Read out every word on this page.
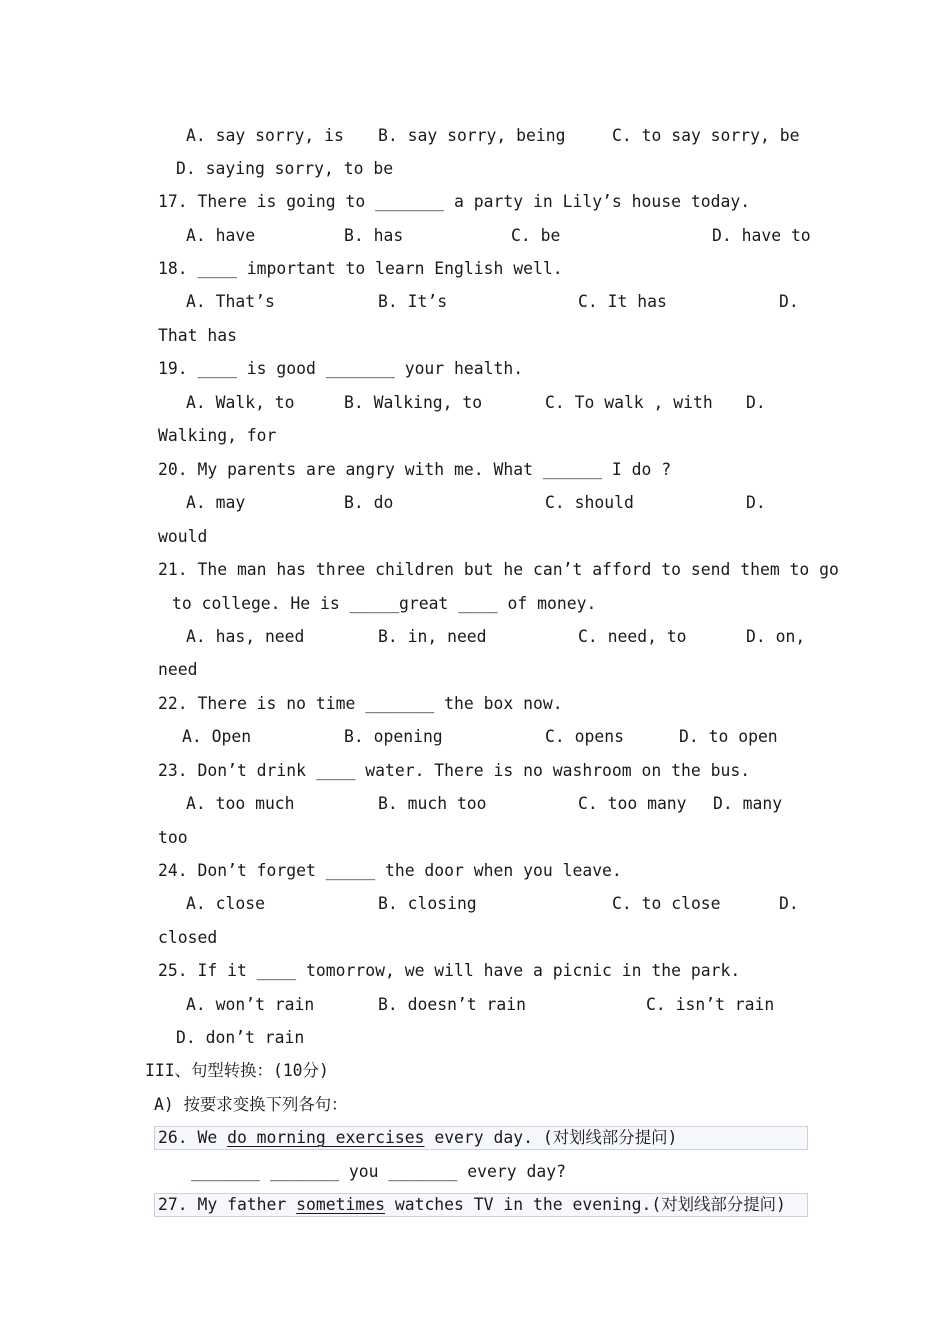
A. say sorry, is B. say sorry, being	C. to say sorry, be
D. saying sorry, to be
17. There is going to _______ a party in Lily’s house today.
A. have	B. has	C. be	D. have to
18. ____ important to learn English well.
A. That’s	B. It’s	C. It has	D.
That has
19. ____ is good _______ your health.
A. Walk, to	B. Walking, to	C. To walk , with D.
Walking, for
20. My parents are angry with me. What ______ I do ?
A. may	B. do	C. should	D.
would
21. The man has three children but he can’t afford to send them to go
to college. He is _____great ____ of money.
A. has, need	B. in, need	C. need, to	D. on,
need
22. There is no time _______ the box now.
A. Open	B. opening	C. opens	D. to open
23. Don’t drink ____ water. There is no washroom on the bus.
A. too much	B. much too	C. too many D. many
too
24. Don’t forget _____ the door when you leave.
A. close	B. closing	C. to close	D.
closed
25. If it ____ tomorrow, we will have a picnic in the park.
A. won’t rain	B. doesn’t rain	C. isn’t rain
D. don’t rain
III、句型转换：(10分)
A) 按要求变换下列各句：
26. We do morning exercises every day. (对划线部分提问)
_______ _______ you _______ every day?
27. My father sometimes watches TV in the evening.(对划线部分提问)
